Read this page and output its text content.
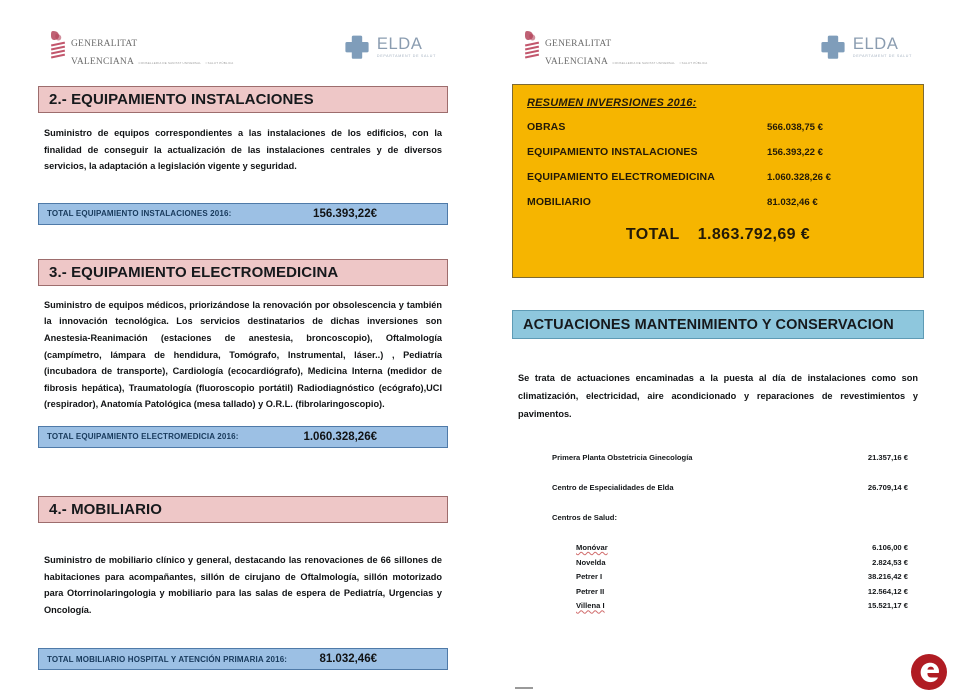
GENERALITAT
VALENCIANA CONSELLERIA DE SANITAT UNIVERSAL I SALUT PÚBLICA
ELDA
DEPARTAMENT DE SALUT
2.- EQUIPAMIENTO INSTALACIONES
Suministro de equipos correspondientes a las instalaciones de los edificios, con la finalidad de conseguir la actualización de las instalaciones centrales y de diversos servicios, la adaptación a legislación vigente y seguridad.
TOTAL EQUIPAMIENTO INSTALACIONES 2016:	156.393,22€
3.- EQUIPAMIENTO ELECTROMEDICINA
Suministro de equipos médicos, priorizándose la renovación por obsolescencia y también la innovación tecnológica. Los servicios destinatarios de dichas inversiones son Anestesia-Reanimación (estaciones de anestesia, broncoscopio), Oftalmología (campímetro, lámpara de hendidura, Tomógrafo, Instrumental, láser..) , Pediatría (incubadora de transporte), Cardiología (ecocardiógrafo), Medicina Interna (medidor de fibrosis hepática), Traumatología (fluoroscopio portátil) Radiodiagnóstico (ecógrafo),UCI (respirador), Anatomía Patológica (mesa tallado) y O.R.L. (fibrolaringoscopio).
TOTAL EQUIPAMIENTO ELECTROMEDICIA 2016:	1.060.328,26€
4.- MOBILIARIO
Suministro de mobiliario clínico y general, destacando las renovaciones de 66 sillones de habitaciones para acompañantes, sillón de cirujano de Oftalmología, sillón motorizado para Otorrinolaringologia y mobiliario para las salas de espera de Pediatría, Urgencias y Oncología.
TOTAL MOBILIARIO HOSPITAL Y ATENCIÓN PRIMARIA 2016:	81.032,46€
GENERALITAT
VALENCIANA CONSELLERIA DE SANITAT UNIVERSAL I SALUT PÚBLICA
ELDA
DEPARTAMENT DE SALUT
RESUMEN INVERSIONES 2016:
OBRAS	566.038,75 €
EQUIPAMIENTO INSTALACIONES	156.393,22 €
EQUIPAMIENTO ELECTROMEDICINA	1.060.328,26 €
MOBILIARIO	81.032,46 €
TOTAL 1.863.792,69 €
ACTUACIONES MANTENIMIENTO Y CONSERVACION
Se trata de actuaciones encaminadas a la puesta al día de instalaciones como son climatización, electricidad, aire acondicionado y reparaciones de revestimientos y pavimentos.
Primera Planta Obstetricia Ginecología	21.357,16 €
Centro de Especialidades de Elda	26.709,14 €
Centros de Salud:
Monóvar	6.106,00 €
Novelda	2.824,53 €
Petrer I	38.216,42 €
Petrer II	12.564,12 €
Villena I	15.521,17 €
